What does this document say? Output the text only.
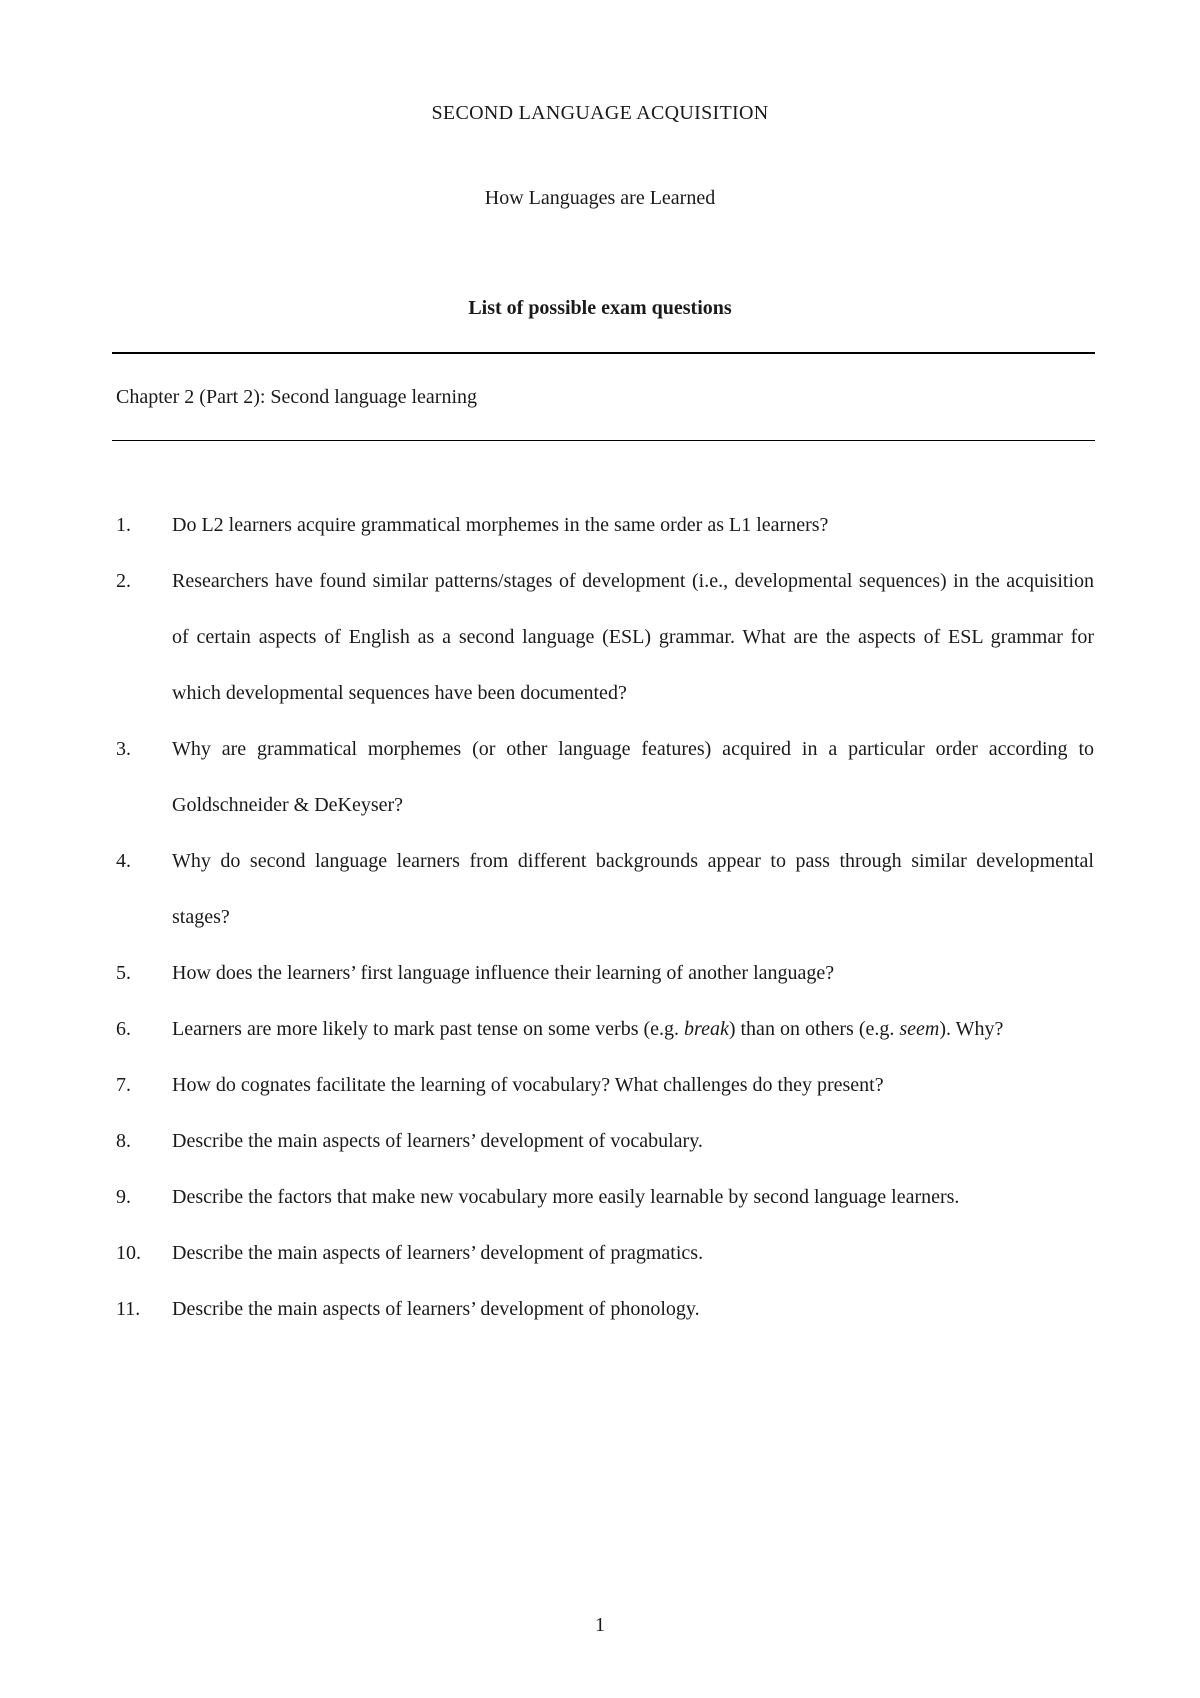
SECOND LANGUAGE ACQUISITION
How Languages are Learned
List of possible exam questions
Chapter 2 (Part 2): Second language learning
1. Do L2 learners acquire grammatical morphemes in the same order as L1 learners?
2. Researchers have found similar patterns/stages of development (i.e., developmental sequences) in the acquisition of certain aspects of English as a second language (ESL) grammar. What are the aspects of ESL grammar for which developmental sequences have been documented?
3. Why are grammatical morphemes (or other language features) acquired in a particular order according to Goldschneider & DeKeyser?
4. Why do second language learners from different backgrounds appear to pass through similar developmental stages?
5. How does the learners’ first language influence their learning of another language?
6. Learners are more likely to mark past tense on some verbs (e.g. break) than on others (e.g. seem). Why?
7. How do cognates facilitate the learning of vocabulary? What challenges do they present?
8. Describe the main aspects of learners’ development of vocabulary.
9. Describe the factors that make new vocabulary more easily learnable by second language learners.
10. Describe the main aspects of learners’ development of pragmatics.
11. Describe the main aspects of learners’ development of phonology.
1
